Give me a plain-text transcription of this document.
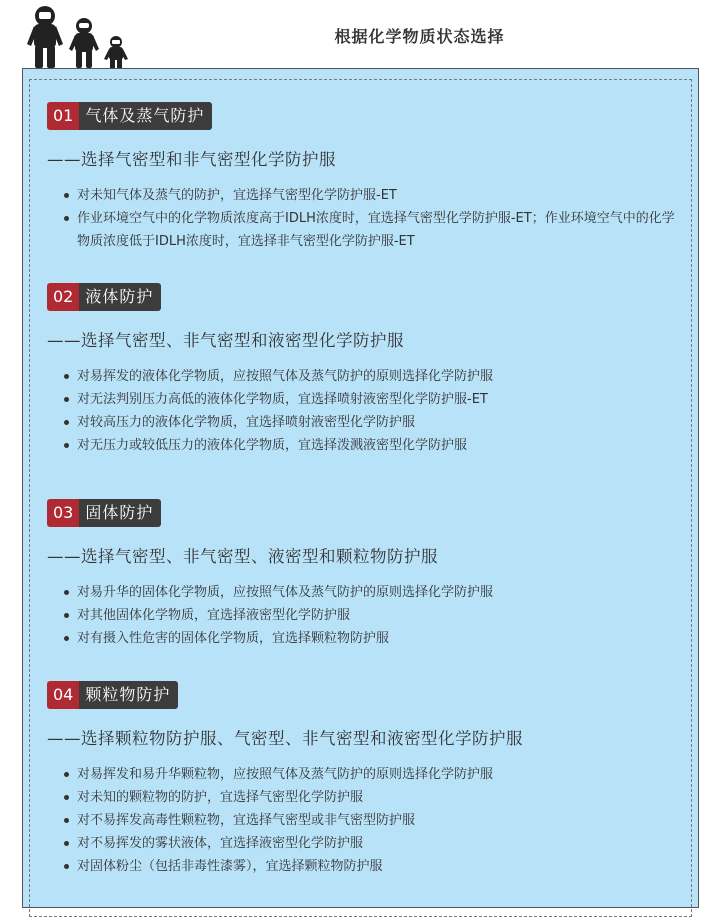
根据化学物质状态选择
01 气体及蒸气防护
——选择气密型和非气密型化学防护服
对未知气体及蒸气的防护，宜选择气密型化学防护服-ET
作业环境空气中的化学物质浓度高于IDLH浓度时，宜选择气密型化学防护服-ET；作业环境空气中的化学物质浓度低于IDLH浓度时，宜选择非气密型化学防护服-ET
02 液体防护
——选择气密型、非气密型和液密型化学防护服
对易挥发的液体化学物质，应按照气体及蒸气防护的原则选择化学防护服
对无法判别压力高低的液体化学物质，宜选择喷射液密型化学防护服-ET
对较高压力的液体化学物质，宜选择喷射液密型化学防护服
对无压力或较低压力的液体化学物质，宜选择泼溅液密型化学防护服
03 固体防护
——选择气密型、非气密型、液密型和颗粒物防护服
对易升华的固体化学物质，应按照气体及蒸气防护的原则选择化学防护服
对其他固体化学物质，宜选择液密型化学防护服
对有摄入性危害的固体化学物质，宜选择颗粒物防护服
04 颗粒物防护
——选择颗粒物防护服、气密型、非气密型和液密型化学防护服
对易挥发和易升华颗粒物，应按照气体及蒸气防护的原则选择化学防护服
对未知的颗粒物的防护，宜选择气密型化学防护服
对不易挥发高毒性颗粒物，宜选择气密型或非气密型防护服
对不易挥发的雾状液体，宜选择液密型化学防护服
对固体粉尘（包括非毒性漆雾），宜选择颗粒物防护服
